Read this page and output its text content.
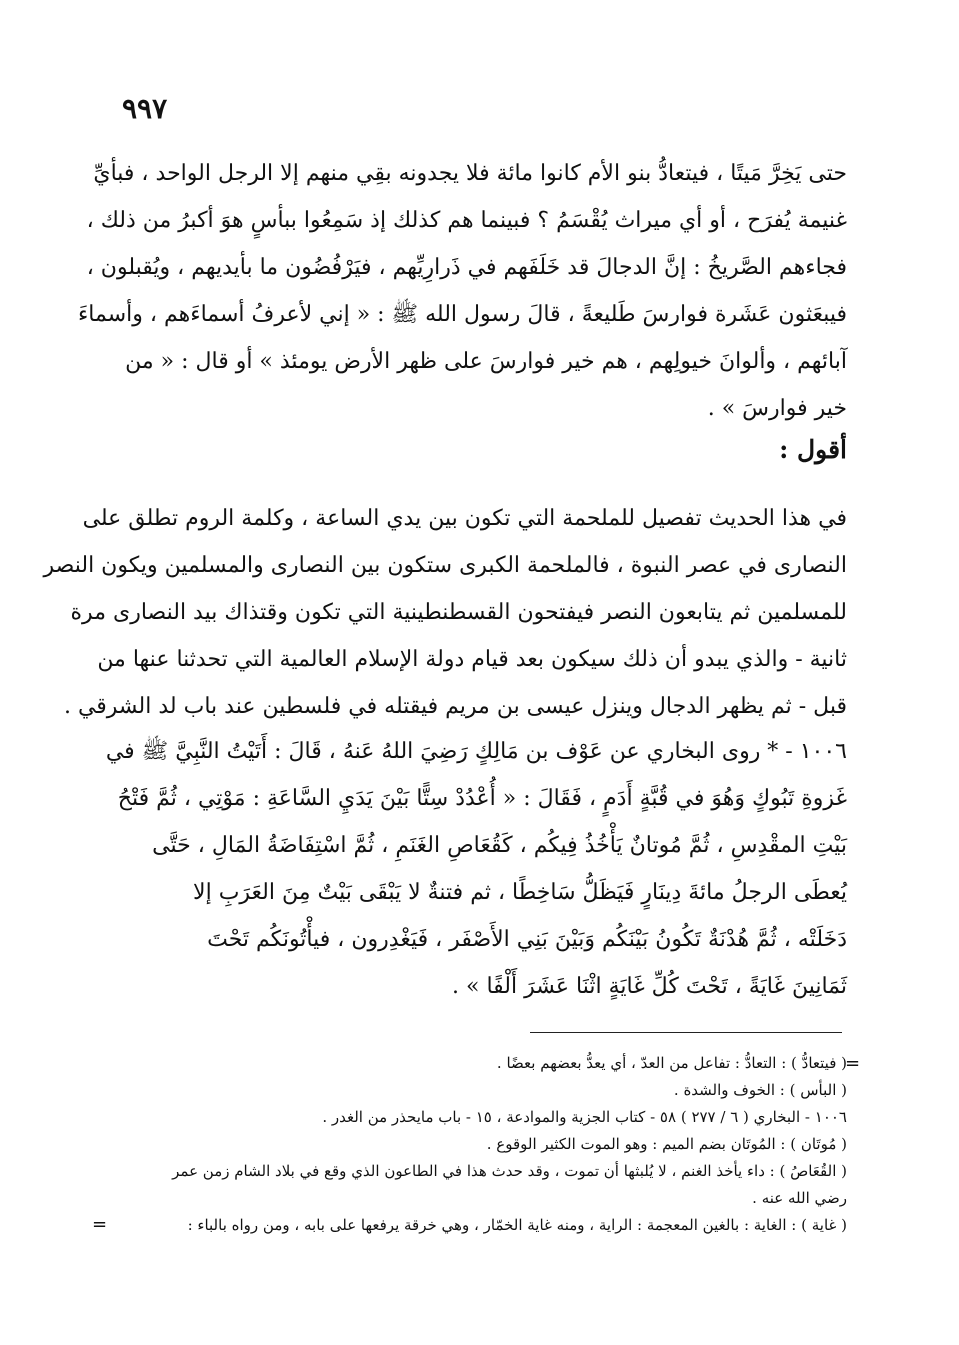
٩٩٧
حتى يَخِرَّ مَيتًا ، فيتعادُّ بنو الأم كانوا مائة فلا يجدونه بقِي منهم إلا الرجل الواحد ، فبأيِّ
غنيمة يُفرَح ، أو أي ميراث يُقْسَمُ ؟ فبينما هم كذلك إذ سَمِعُوا ببأسٍ هوَ أكبرُ من ذلك ،
فجاءهم الصَّريخُ : إنَّ الدجالَ قد خَلَفَهم في ذَرارِيِّهم ، فيَرْفُضُون ما بأيديهم ، ويُقبلون ،
فيبعَثون عَشَرة فوارسَ طَليعةً ، قالَ رسول الله ﷺ : « إني لأعرفُ أسماءَهم ، وأسماءَ
آبائهم ، وألوانَ خيولِهم ، هم خير فوارسَ على ظهر الأرض يومئذ » أو قال : « من
خير فوارسَ » .
أقول :
في هذا الحديث تفصيل للملحمة التي تكون بين يدي الساعة ، وكلمة الروم تطلق على
النصارى في عصر النبوة ، فالملحمة الكبرى ستكون بين النصارى والمسلمين ويكون النصر
للمسلمين ثم يتابعون النصر فيفتحون القسطنطينية التي تكون وقتذاك بيد النصارى مرة
ثانية - والذي يبدو أن ذلك سيكون بعد قيام دولة الإسلام العالمية التي تحدثنا عنها من
قبل - ثم يظهر الدجال وينزل عيسى بن مريم فيقتله في فلسطين عند باب لد الشرقي .
١٠٠٦ - * روى البخاري عن عَوْف بن مَالِكٍ رَضِيَ اللهُ عَنهُ ، قَالَ : أَتَيْتُ النَّبِيَّ ﷺ في
غَزوةِ تَبُوكٍ وَهُوَ في قُبَّةٍ أَدَمٍ ، فَقَالَ : « أُعْدُدْ سِتًّا بَيْنَ يَدَيِ السَّاعَةِ : مَوْتِي ، ثُمَّ فَتْحُ
بَيْتِ المقْدِسِ ، ثُمَّ مُوتانٌ يَأْخُذُ فِيكُم ، كَقُعَاصِ الغَنَمِ ، ثُمَّ اسْتِفَاضَةُ المَالِ ، حَتَّى
يُعطَى الرجلُ مائةَ دِينَارٍ فَيَظَلُّ سَاخِطًا ، ثم فتنةٌ لا يَبْقَى بَيْتٌ مِنَ العَرَبِ إلا
دَخَلَتْه ، ثُمَّ هُدْنَةٌ تَكُونُ بَيْنَكُم وَبَيْنَ بَنِي الأَصْفَر ، فَيَغْدِرون ، فيأْتُونَكُم تَحْتَ
ثَمَانِينَ غَايَةً ، تَحْتَ كُلِّ غَايَةٍ اثْنَا عَشَرَ أَلْفًا » .
=
( فيتعادُّ ) : التعادُّ : تفاعل من العدّ ، أي يعدُّ بعضهم بعضًا .
( البأس ) : الخوف والشدة .
١٠٠٦ - البخاري ( ٦ / ٢٧٧ ) ٥٨ - كتاب الجزية والموادعة ، ١٥ - باب مايحذر من الغدر .
( مُوتَان ) : المُوتَان بضم الميم : وهو الموت الكثير الوقوع .
( القُعَاصُ ) : داء يأخذ الغنم ، لا يُلبثها أن تموت ، وقد حدث هذا في الطاعون الذي وقع في بلاد الشام زمن عمر
رضي الله عنه .
( غاية ) : الغاية : بالغين المعجمة : الراية ، ومنه غاية الخمّار ، وهي خرقة يرفعها على بابه ، ومن رواه بالباء :
=
